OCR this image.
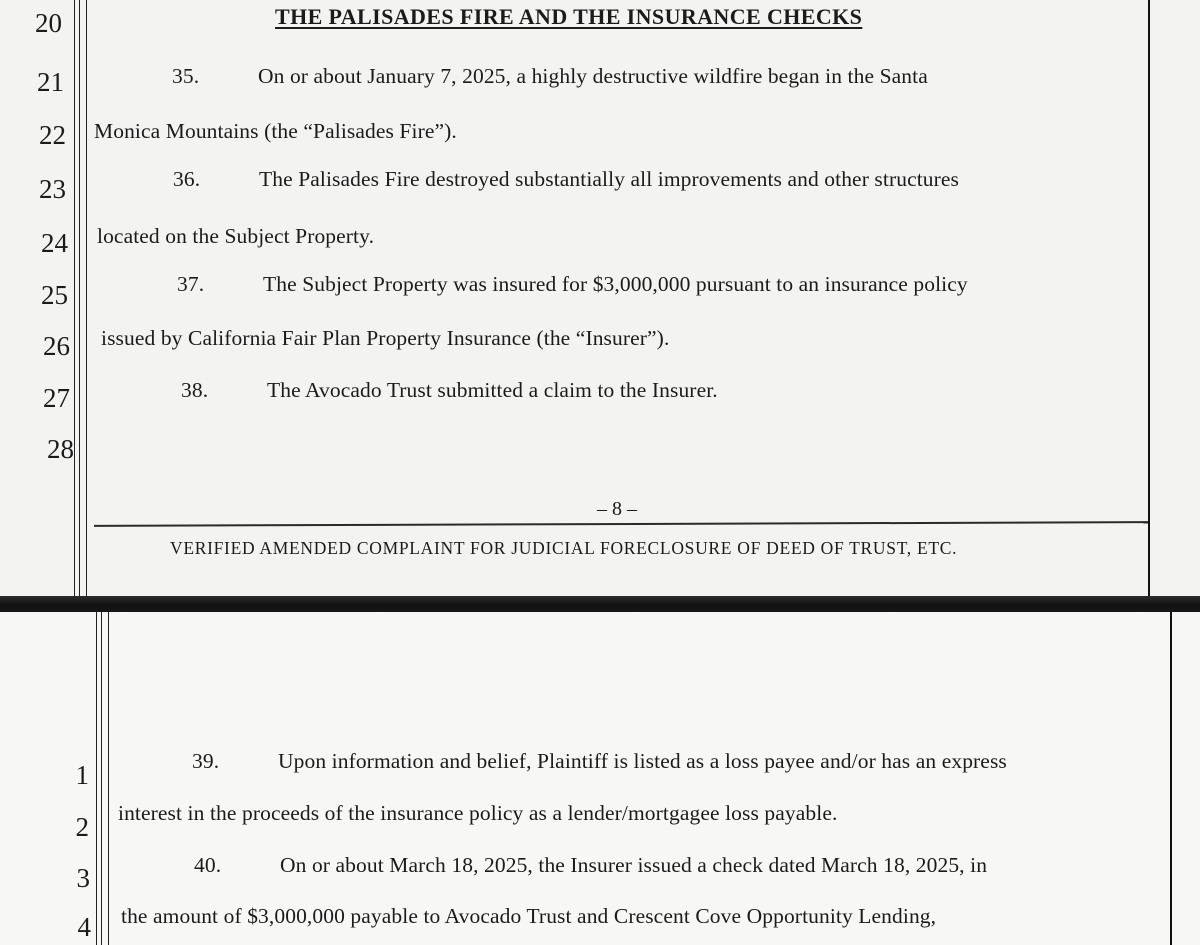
20
21
22
23
24
25
26
27
28
THE PALISADES FIRE AND THE INSURANCE CHECKS
35.	On or about January 7, 2025, a highly destructive wildfire began in the Santa
Monica Mountains (the “Palisades Fire”).
36.	The Palisades Fire destroyed substantially all improvements and other structures
located on the Subject Property.
37.	The Subject Property was insured for $3,000,000 pursuant to an insurance policy
issued by California Fair Plan Property Insurance (the “Insurer”).
38.	The Avocado Trust submitted a claim to the Insurer.
– 8 –
VERIFIED AMENDED COMPLAINT FOR JUDICIAL FORECLOSURE OF DEED OF TRUST, ETC.
1
2
3
4
39.	Upon information and belief, Plaintiff is listed as a loss payee and/or has an express
interest in the proceeds of the insurance policy as a lender/mortgagee loss payable.
40.	On or about March 18, 2025, the Insurer issued a check dated March 18, 2025, in
the amount of $3,000,000 payable to Avocado Trust and Crescent Cove Opportunity Lending,
